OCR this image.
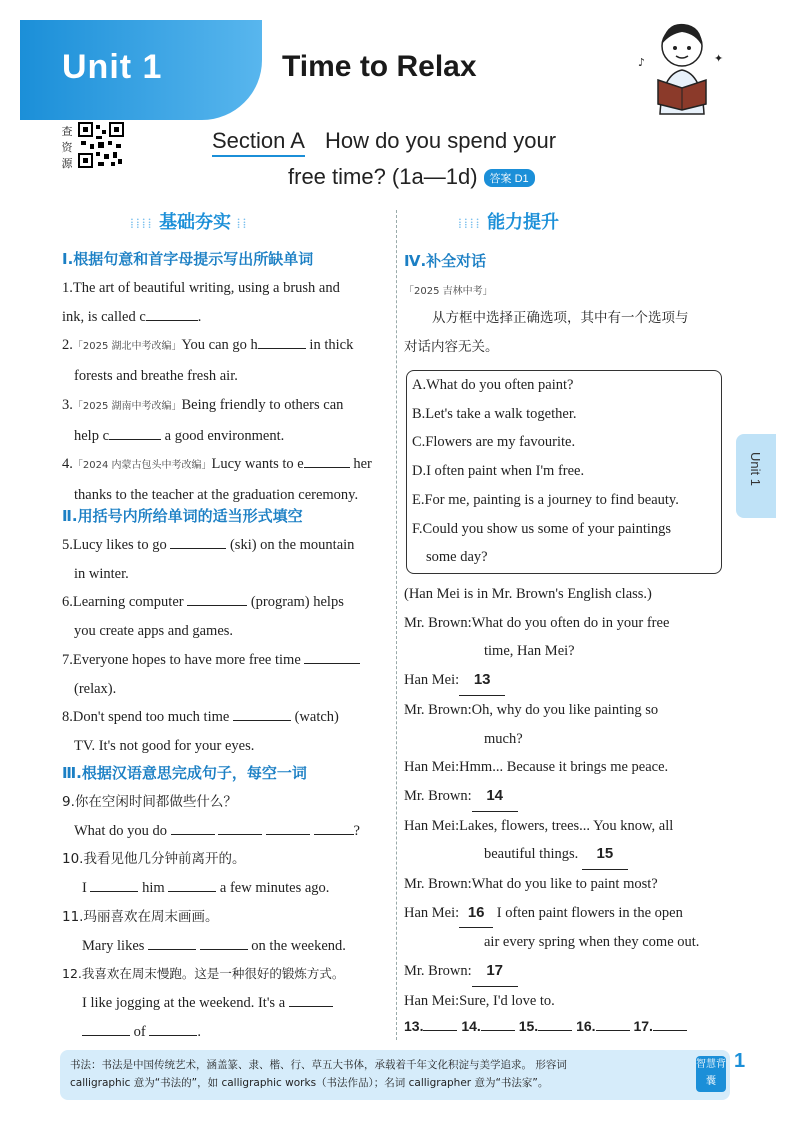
Unit 1	Time to Relax	♪	✦
查资源
Section A How do you spend your
free time? (1a—1d) 答案 D1
⁞⁞⁞⁞ 基础夯实 ⁞⁞	⁞⁞⁞⁞ 能力提升
Ⅰ.根据句意和首字母提示写出所缺单词
1.The art of beautiful writing, using a brush and
ink, is called c	.
2.「2025 湖北中考改编」You can go h	in thick
forests and breathe fresh air.
3.「2025 湖南中考改编」Being friendly to others can
help c	a good environment.
4.「2024 内蒙古包头中考改编」Lucy wants to e	her
thanks to the teacher at the graduation ceremony.
Ⅱ.用括号内所给单词的适当形式填空
5.Lucy likes to go	(ski) on the mountain
in winter.
6.Learning computer	(program) helps
you create apps and games.
7.Everyone hopes to have more free time
(relax).
8.Don't spend too much time	(watch)
TV. It's not good for your eyes.
Ⅲ.根据汉语意思完成句子，每空一词
9.你在空闲时间都做些什么？
What do you do	?
10.我看见他几分钟前离开的。
I	him	a few minutes ago.
11.玛丽喜欢在周末画画。
Mary likes	on the weekend.
12.我喜欢在周末慢跑。这是一种很好的锻炼方式。
I like jogging at the weekend. It's a
of	.
Ⅳ.补全对话
「2025 吉林中考」
从方框中选择正确选项，其中有一个选项与
对话内容无关。
A.What do you often paint?
B.Let's take a walk together.
C.Flowers are my favourite.
D.I often paint when I'm free.
E.For me, painting is a journey to find beauty.
F.Could you show us some of your paintings
some day?
(Han Mei is in Mr. Brown's English class.)
Mr. Brown:What do you often do in your free
time, Han Mei?
Han Mei: 13
Mr. Brown:Oh, why do you like painting so
much?
Han Mei:Hmm... Because it brings me peace.
Mr. Brown: 14
Han Mei:Lakes, flowers, trees... You know, all
beautiful things. 15
Mr. Brown:What do you like to paint most?
Han Mei: 16 I often paint flowers in the open
air every spring when they come out.
Mr. Brown: 17
Han Mei:Sure, I'd love to.
13.	14.	15.	16.	17.
Unit 1
书法：书法是中国传统艺术，涵盖篆、隶、楷、行、草五大书体，承载着千年文化积淀与美学追求。 形容词
calligraphic 意为“书法的”，如 calligraphic works（书法作品）；名词 calligrapher 意为“书法家”。
智慧背囊
1
